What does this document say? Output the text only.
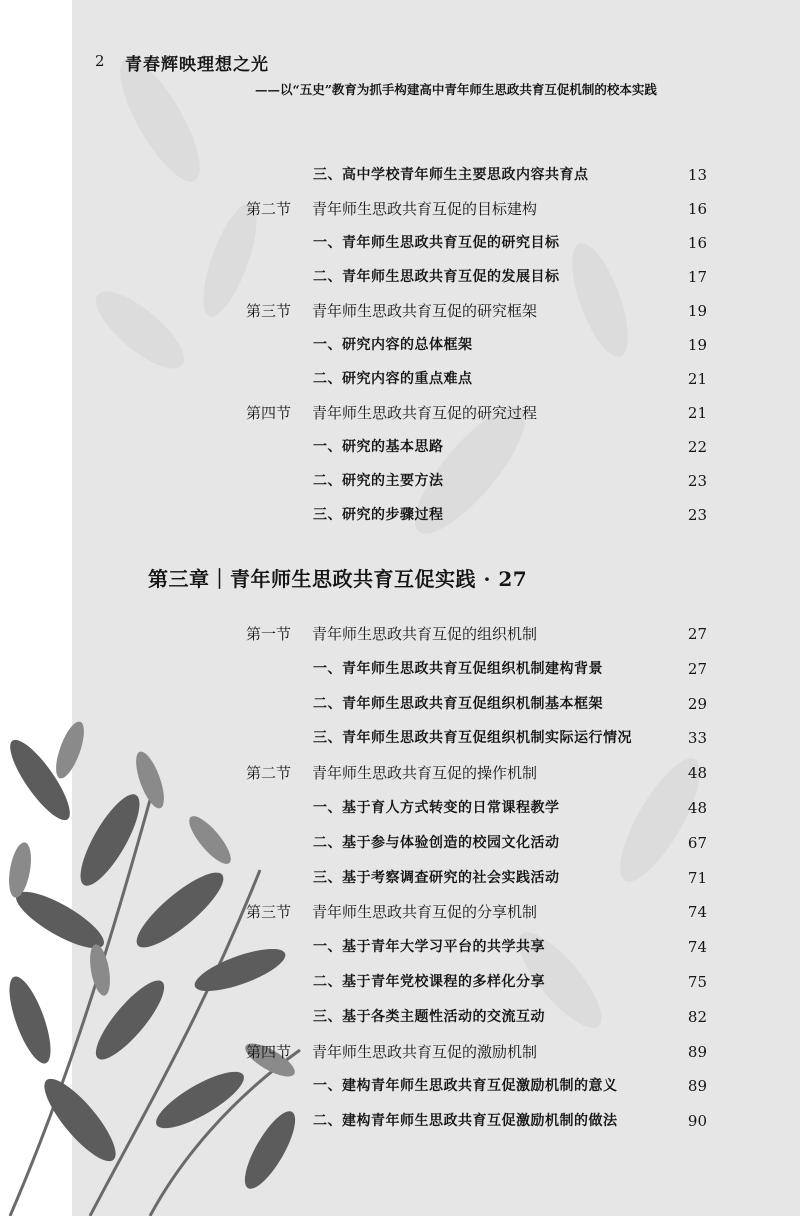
2 青春辉映理想之光
——以“五史”教育为抓手构建高中青年师生思政共育互促机制的校本实践
三、高中学校青年师生主要思政内容共育点	13
第二节 青年师生思政共育互促的目标建构	16
一、青年师生思政共育互促的研究目标	16
二、青年师生思政共育互促的发展目标	17
第三节 青年师生思政共育互促的研究框架	19
一、研究内容的总体框架	19
二、研究内容的重点难点	21
第四节 青年师生思政共育互促的研究过程	21
一、研究的基本思路	22
二、研究的主要方法	23
三、研究的步骤过程	23
第三章｜青年师生思政共育互促实践 · 27
第一节 青年师生思政共育互促的组织机制	27
一、青年师生思政共育互促组织机制建构背景	27
二、青年师生思政共育互促组织机制基本框架	29
三、青年师生思政共育互促组织机制实际运行情况	33
第二节 青年师生思政共育互促的操作机制	48
一、基于育人方式转变的日常课程教学	48
二、基于参与体验创造的校园文化活动	67
三、基于考察调查研究的社会实践活动	71
第三节 青年师生思政共育互促的分享机制	74
一、基于青年大学习平台的共学共享	74
二、基于青年党校课程的多样化分享	75
三、基于各类主题性活动的交流互动	82
第四节 青年师生思政共育互促的激励机制	89
一、建构青年师生思政共育互促激励机制的意义	89
二、建构青年师生思政共育互促激励机制的做法	90
